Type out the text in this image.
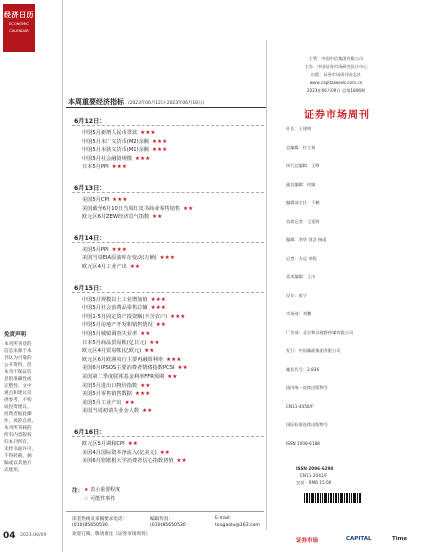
经济日历
ECONOMIC
CALENDAR
免责声明
本刊所刊登的
信息来源于本
刊认为可靠的
公开资料，但
本刊不保证信
息的准确性或
完整性。文中
观点和建议仅
供参考，不构
成投资建议。
投资者据此操
作，风险自担。
本刊所刊载的
所有内容版权
归本刊所有，
未经书面许可，
不得转载、摘
编或以其他方
式使用。
04 2023.06/09
本周重要经济指标 (2023年06月12日-2023年06月18日)
6月12日：
中国5月新增人民币贷款 ★★★
中国5月末广义货币(M2)余额 ★★★
中国5月末狭义货币(M1)余额 ★★★
中国5月社会融资规模 ★★★
日本5月PPI ★★★
6月13日：
美国5月CPI ★★★
美国截至6月10日当周红皮书商业零售销售 ★★
欧元区6月ZEW经济景气指数 ★★
6月14日：
美国5月PPI ★★★
美国当周EIA原油库存变动(万桶) ★★★
欧元区4月工业产出 ★★
6月15日：
中国5月规模以上工业增加值 ★★★
中国5月社会消费品零售总额 ★★★
中国1-5月固定资产投资额(不含农户) ★★★
中国5月房地产开发和销售情况 ★★
中国5月城镇调查失业率 ★★
日本5月商品贸易帐(亿日元) ★★
欧元区4月贸易帐(亿欧元) ★★
欧元区6月欧洲央行主要再融资利率 ★★★
美国6月IPSOS主要消费者情绪指数PCSI ★★
美国第二季度联邦基金利率FFR预期 ★★
美国5月进出口物价指数 ★★
美国5月零售销售数据 ★★★
美国5月工业产出 ★★
美国当周初请失业金人数 ★★
6月16日：
欧元区5月调和CPI ★★
美国4月国际资本净流入(亿美元) ★★
美国6月密歇根大学消费者信心指数初值 ★★
注： ★ 表示重要程度
☆ 可能性事件
读者热线及来稿要求电话：
(010)85650530
编辑传真：
(010)85650530
E-mail:
tougaolu@163.com
欢迎订阅，敬请垂注《证券市场周刊》
主管：中国中信集团有限公司
主办：中国证券市场研究设计中心
出版：证券市场周刊杂志社
www.capitalweek.com.cn
2023年06月09日 总第1896期
证券市场周刊
社长：王建明
总编辑：付立春
执行总编辑：王峥
副总编辑：何婧
编辑部主任：于鹤
首席记者：王延辉
编辑：李华 刘念 杨雨
记者：方远 李程
美术编辑：王川
设计：张宁
市场部：刘鹏
广告部：北京和众视野传媒有限公司
发行：中国邮政集团有限公司
邮发代号：2-836
国内统一连续出版物号
CN11-4456/F
国际标准连续出版物号
ISSN 1008-6188
ISSN 2096-6290
CN11-2041/F
定价：RMB 15.00
证券市场	CAPITAL	Time
